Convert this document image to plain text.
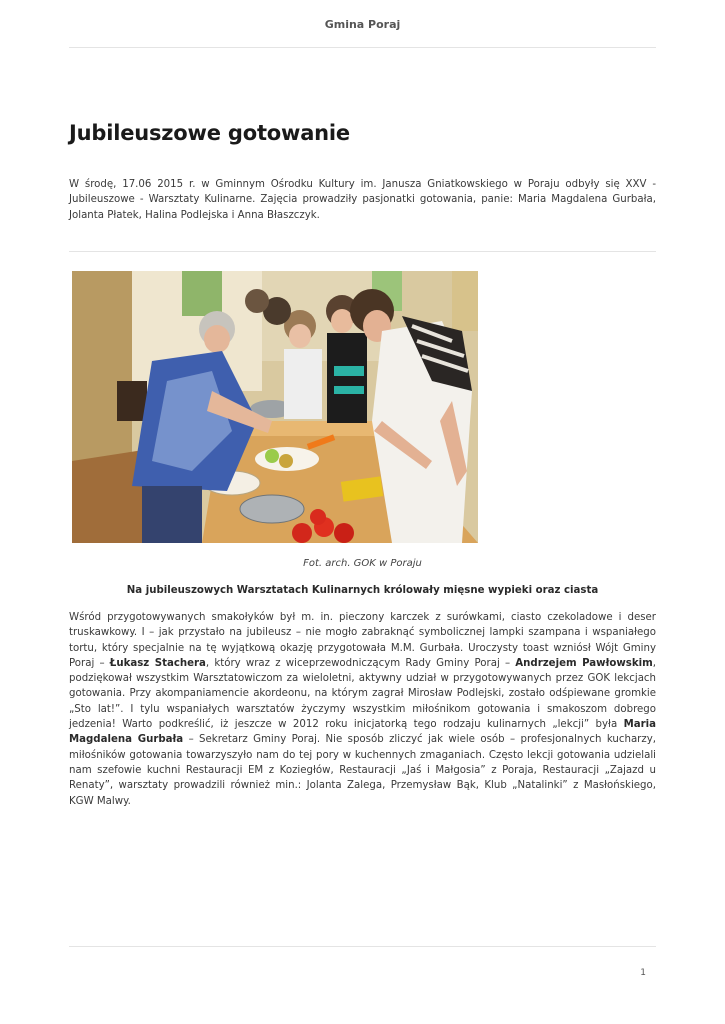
Gmina Poraj
Jubileuszowe gotowanie

W środę, 17.06 2015 r. w Gminnym Ośrodku Kultury im. Janusza Gniatkowskiego w Poraju odbyły się XXV - Jubileuszowe - Warsztaty Kulinarne. Zajęcia prowadziły pasjonatki gotowania, panie: Maria Magdalena Gurbała, Jolanta Płatek, Halina Podlejska i Anna Błaszczyk.

Fot. arch. GOK w Poraju
Na jubileuszowych Warsztatach Kulinarnych królowały mięsne wypieki oraz ciasta

Wśród przygotowywanych smakołyków był m. in. pieczony karczek z surówkami, ciasto czekoladowe i deser truskawkowy. I – jak przystało na jubileusz – nie mogło zabraknąć symbolicznej lampki szampana i wspaniałego tortu, który specjalnie na tę wyjątkową okazję przygotowała M.M. Gurbała. Uroczysty toast wzniósł Wójt Gminy Poraj – Łukasz Stachera, który wraz z wiceprzewodniczącym Rady Gminy Poraj – Andrzejem Pawłowskim, podziękował wszystkim Warsztatowiczom za wieloletni, aktywny udział w przygotowywanych przez GOK lekcjach gotowania. Przy akompaniamencie akordeonu, na którym zagrał Mirosław Podlejski, zostało odśpiewane gromkie „Sto lat!”. I tylu wspaniałych warsztatów życzymy wszystkim miłośnikom gotowania i smakoszom dobrego jedzenia! Warto podkreślić, iż jeszcze w 2012 roku inicjatorką tego rodzaju kulinarnych „lekcji” była Maria Magdalena Gurbała – Sekretarz Gminy Poraj. Nie sposób zliczyć jak wiele osób – profesjonalnych kucharzy, miłośników gotowania towarzyszyło nam do tej pory w kuchennych zmaganiach. Często lekcji gotowania udzielali nam szefowie kuchni Restauracji EM z Koziegłów, Restauracji „Jaś i Małgosia” z Poraja, Restauracji „Zajazd u Renaty”, warsztaty prowadzili również min.: Jolanta Zalega, Przemysław Bąk, Klub „Natalinki” z Masłońskiego, KGW Malwy.

1
